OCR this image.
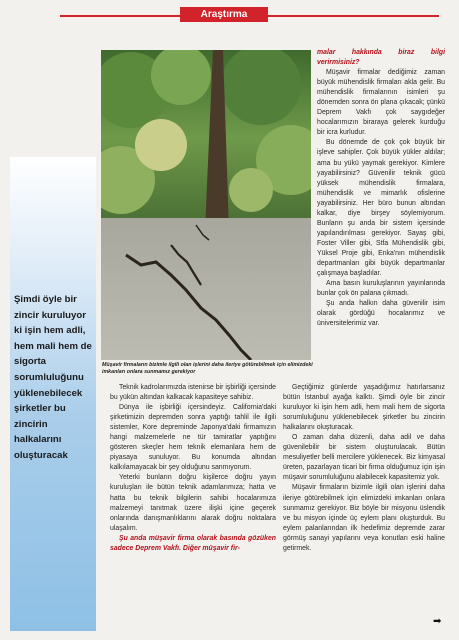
Araştırma
Şimdi öyle bir
zincir kuruluyor
ki işin hem adli,
hem mali hem de
sigorta
sorumluluğunu
yüklenebilecek
şirketler bu
zincirin
halkalarını
oluşturacak
Müşavir firmaların bizimle ilgili olan işlerini daha ileriye götürebilmek için elimizdeki imkanları onlara sunmamız gerekiyor

Teknik kadrolarımızda istenirse bir işbirliği içersinde bu yükün altından kalkacak kapasiteye sahibiz.

Dünya ile işbirliği içersindeyiz. California'daki şirketimizin depremden sonra yaptığı tahlil ile ilgili sistemler, Kore depreminde Japonya'daki firmamızın hangi malzemelerle ne tür tamiratlar yaptığını gösteren skeçler hem teknik elemanlara hem de piyasaya sunuluyor. Bu konumda altından kalkılamayacak bir şey olduğunu sanmıyorum.

Yeterki bunların doğru kişilerce doğru yayın kuruluşları ile bütün teknik adamlarımıza; hatta ve hatta bu teknik bilgilerin sahibi hocalarımıza malzemeyi tanıtmak üzere ilişki içine geçerek onlarında danışmanlıklarını alarak doğru noktalara ulaşalım.

Şu anda müşavir firma olarak basında gözüken sadece Deprem Vakfı. Diğer müşavir fir-

malar hakkında biraz bilgi verirmisiniz?

Müşavir firmalar dediğimiz zaman büyük mühendislik firmaları akla gelir. Bu mühendislik firmalarının isimleri şu dönemden sonra ön plana çıkacak; çünkü Deprem Vakfı çok saygıdeğer hocalarımızın biraraya gelerek kurduğu bir icra kurludur.

Bu dönemde de çok çok büyük bir işleve sahipler. Çok büyük yükler aldılar; ama bu yükü yaymak gerekiyor. Kimlere yayabilirsiniz? Güvenilir teknik gücü yüksek mühendislik firmalara, mühendislik ve mimarlık ofislerine yayabilirsiniz. Her büro bunun altından kalkar, diye birşey söylemiyorum. Bunların şu anda bir sistem içersinde yapılandırılması gerekiyor. Sayaş gibi, Foster Viller gibi, Stfa Mühendislik gibi, Yüksel Proje gibi, Enka'nın mühendislik departmanları gibi büyük departmanlar çalışmaya başladılar.

Ama basın kuruluşlarının yayınlarında bunlar çok ön palana çıkmadı.

Şu anda halkın daha güvenilir isim olarak gördüğü hocalarımız ve üniversitelerimiz var.

Geçtiğimiz günlerde yaşadığımız hatırlarsanız bütün İstanbul ayağa kalktı. Şimdi öyle bir zincir kuruluyor ki işin hem adli, hem mali hem de sigorta sorumluluğunu yüklenebilecek şirketler bu zincirin halkalarını oluşturacak.

O zaman daha düzenli, daha adil ve daha güvenilebilir bir sistem oluşturulacak. Bütün mesuliyetler belli mercilere yüklenecek. Biz kimyasal üreten, pazarlayan ticari bir firma olduğumuz için işin müşavir sorumluluğunu alabilecek kapasitemiz yok.

Müşavir firmaların bizimle ilgili olan işlerini daha ileriye götürebilmek için elimizdeki imkanları onlara sunmamız gerekiyor. Biz böyle bir misyonu üslendik ve bu misyon içinde üç eylem planı oluşturduk. Bu eylem palanlarından ilk hedefimiz depremde zarar görmüş sanayi yapılarını veya konutları eski haline getirmek.

➡
